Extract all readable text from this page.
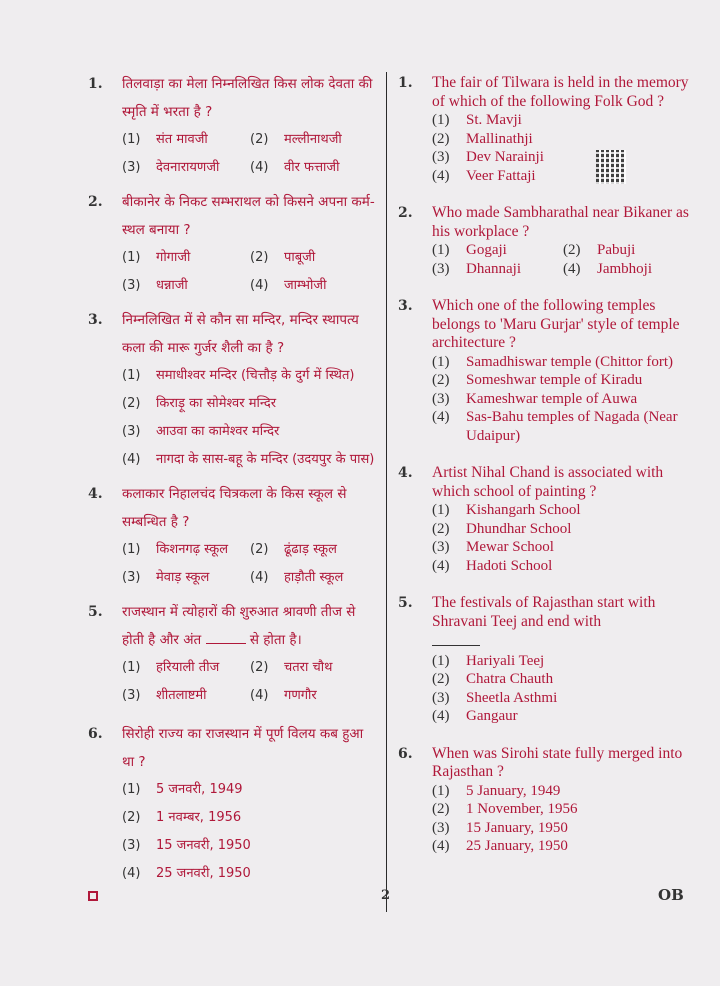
1.	तिलवाड़ा का मेला निम्नलिखित किस लोक देवता की स्मृति में भरता है ?
(1)	संत मावजी	(2)	मल्लीनाथजी
(3)	देवनारायणजी (4)	वीर फत्ताजी
2.	बीकानेर के निकट सम्भराथल को किसने अपना कर्म-स्थल बनाया ?
(1)	गोगाजी	(2)	पाबूजी
(3)	धन्नाजी	(4)	जाम्भोजी
3.	निम्नलिखित में से कौन सा मन्दिर, मन्दिर स्थापत्य कला की मारू गुर्जर शैली का है ?
(1)	समाधीश्वर मन्दिर (चित्तौड़ के दुर्ग में स्थित)
(2)	किराड़ू का सोमेश्वर मन्दिर
(3)	आउवा का कामेश्वर मन्दिर
(4)	नागदा के सास-बहू के मन्दिर (उदयपुर के पास)
4.	कलाकार निहालचंद चित्रकला के किस स्कूल से सम्बन्धित है ?
(1)	किशनगढ़ स्कूल (2)	ढूंढाड़ स्कूल
(3)	मेवाड़ स्कूल	(4)	हाड़ौती स्कूल
5.	राजस्थान में त्योहारों की शुरुआत श्रावणी तीज से होती है और अंत	से होता है।
(1)	हरियाली तीज (2)	चतरा चौथ
(3)	शीतलाष्टमी	(4)	गणगौर
6.	सिरोही राज्य का राजस्थान में पूर्ण विलय कब हुआ था ?
(1)	5 जनवरी, 1949
(2)	1 नवम्बर, 1956
(3)	15 जनवरी, 1950
(4)	25 जनवरी, 1950
1.	The fair of Tilwara is held in the memory of which of the following Folk God ?
(1)	St. Mavji
(2)	Mallinathji
(3)	Dev Narainji
(4)	Veer Fattaji
2.	Who made Sambharathal near Bikaner as his workplace ?
(1)	Gogaji	(2)	Pabuji
(3)	Dhannaji	(4)	Jambhoji
3.	Which one of the following temples belongs to 'Maru Gurjar' style of temple architecture ?
(1)	Samadhiswar temple (Chittor fort)
(2)	Someshwar temple of Kiradu
(3)	Kameshwar temple of Auwa
(4)	Sas-Bahu temples of Nagada (Near Udaipur)
4.	Artist Nihal Chand is associated with which school of painting ?
(1)	Kishangarh School
(2)	Dhundhar School
(3)	Mewar School
(4)	Hadoti School
5.	The festivals of Rajasthan start with Shravani Teej and end with
(1)	Hariyali Teej
(2)	Chatra Chauth
(3)	Sheetla Asthmi
(4)	Gangaur
6.	When was Sirohi state fully merged into Rajasthan ?
(1)	5 January, 1949
(2)	1 November, 1956
(3)	15 January, 1950
(4)	25 January, 1950
2	OB
